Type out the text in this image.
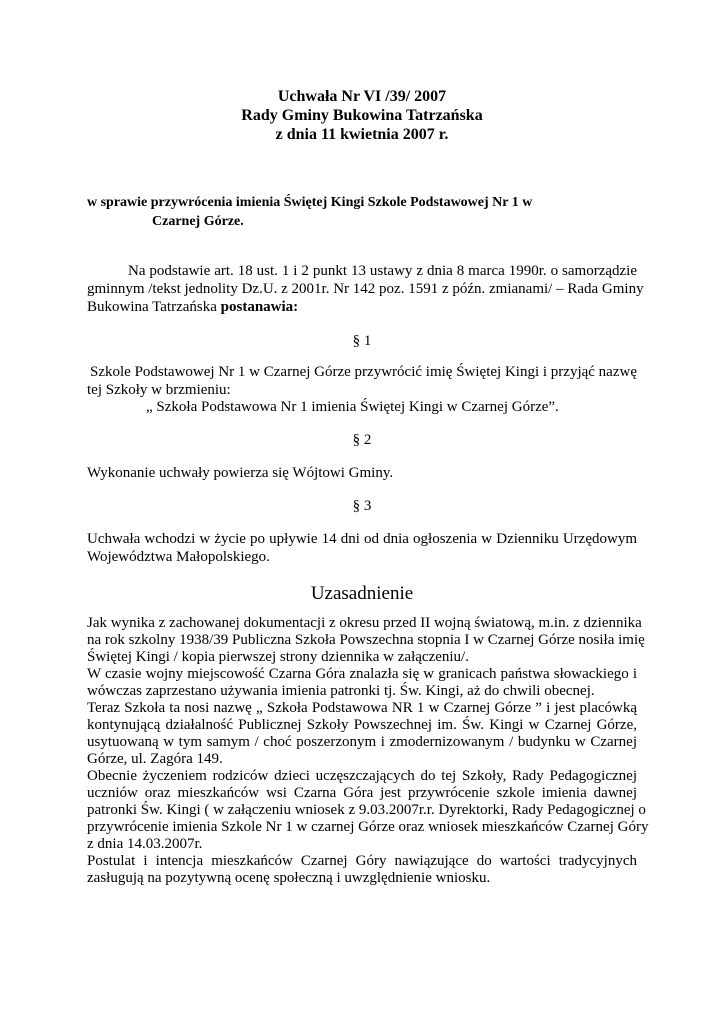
Uchwała Nr VI /39/ 2007
Rady Gminy Bukowina Tatrzańska
z dnia 11 kwietnia 2007 r.
w sprawie przywrócenia imienia Świętej Kingi Szkole Podstawowej Nr 1 w
Czarnej Górze.
Na podstawie art. 18 ust. 1 i 2 punkt 13 ustawy z dnia 8 marca 1990r. o samorządzie
gminnym /tekst jednolity Dz.U. z 2001r. Nr 142 poz. 1591 z późn. zmianami/ – Rada Gminy
Bukowina Tatrzańska postanawia:
§ 1
Szkole Podstawowej Nr 1 w Czarnej Górze przywrócić imię Świętej Kingi i przyjąć nazwę
tej Szkoły w brzmieniu:
„ Szkoła Podstawowa Nr 1 imienia Świętej Kingi w Czarnej Górze”.
§ 2
Wykonanie uchwały powierza się Wójtowi Gminy.
§ 3
Uchwała wchodzi w życie po upływie 14 dni od dnia ogłoszenia w Dzienniku Urzędowym
Województwa Małopolskiego.
Uzasadnienie
Jak wynika z zachowanej dokumentacji z okresu przed II wojną światową, m.in. z dziennika
na rok szkolny 1938/39 Publiczna Szkoła Powszechna stopnia I w Czarnej Górze nosiła imię
Świętej Kingi / kopia pierwszej strony dziennika w załączeniu/.
W czasie wojny miejscowość Czarna Góra znalazła się w granicach państwa słowackiego i
wówczas zaprzestano używania imienia patronki tj. Św. Kingi, aż do chwili obecnej.
Teraz Szkoła ta nosi nazwę „ Szkoła Podstawowa NR 1 w Czarnej Górze ” i jest placówką
kontynującą działalność Publicznej Szkoły Powszechnej im. Św. Kingi w Czarnej Górze,
usytuowaną w tym samym / choć poszerzonym i zmodernizowanym / budynku w Czarnej
Górze, ul. Zagóra 149.
Obecnie życzeniem rodziców dzieci uczęszczających do tej Szkoły, Rady Pedagogicznej
uczniów oraz mieszkańców wsi Czarna Góra jest przywrócenie szkole imienia dawnej
patronki Św. Kingi ( w załączeniu wniosek z 9.03.2007r.r. Dyrektorki, Rady Pedagogicznej o
przywrócenie imienia Szkole Nr 1 w czarnej Górze oraz wniosek mieszkańców Czarnej Góry
z dnia 14.03.2007r.
Postulat i intencja mieszkańców Czarnej Góry nawiązujące do wartości tradycyjnych
zasługują na pozytywną ocenę społeczną i uwzględnienie wniosku.
